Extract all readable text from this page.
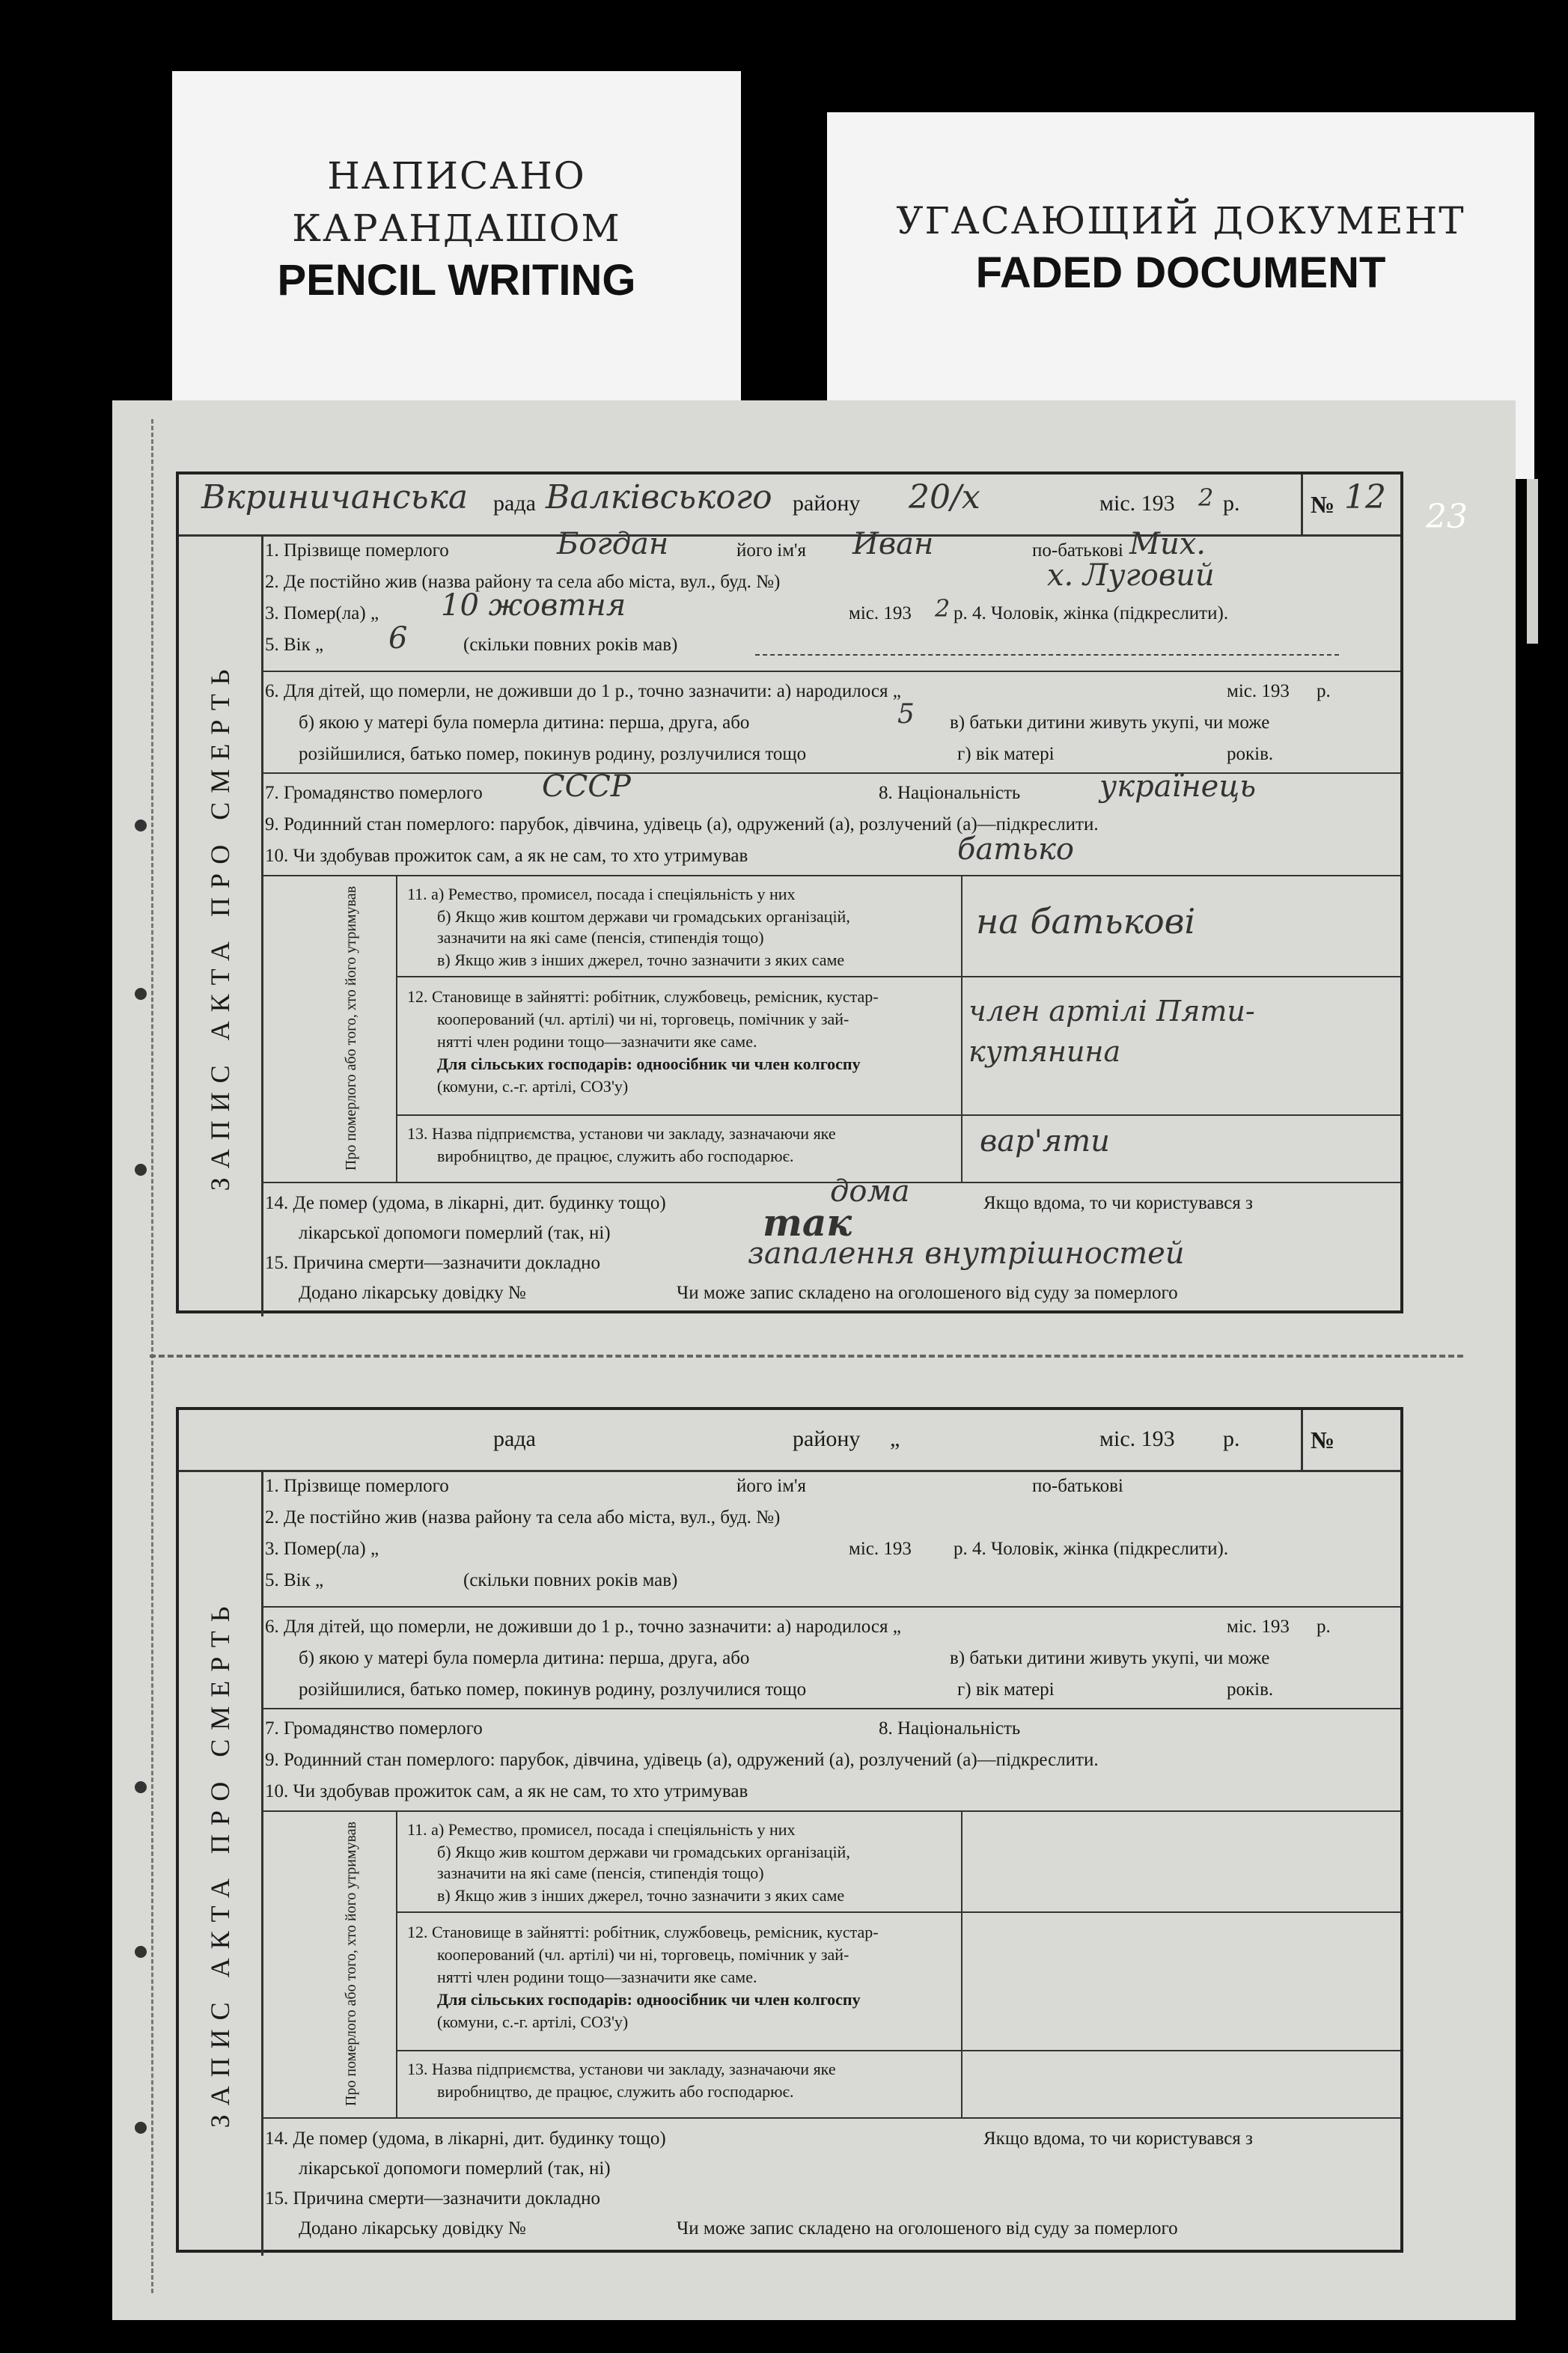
НАПИСАНО
КАРАНДАШОМ
PENCIL WRITING
УГАСАЮЩИЙ ДОКУМЕНТ
FADED DOCUMENT
23
Вкриничанська рада Валківського району 20/х	міс. 193 2 р.	№ 12
ЗАПИС АКТА ПРО СМЕРТЬ
1. Прізвище померлого	Богдан	його ім'я Иван	по-батькові Мих.
2. Де постійно жив (назва району та села або міста, вул., буд. №)	х. Луговий
3. Помер(ла) „ 10 жовтня	міс. 193 2 р. 4. Чоловік, жінка (підкреслити).
5. Вік „ 6	(скільки повних років мав)
6. Для дітей, що померли, не доживши до 1 р., точно зазначити: а) народилося „	міс. 193 р.
б) якою у матері була померла дитина: перша, друга, або	5 в) батьки дитини живуть укупі, чи може
розійшилися, батько помер, покинув родину, розлучилися тощо	г) вік матері	років.
7. Громадянство померлого СССР	8. Національність	українець
9. Родинний стан померлого: парубок, дівчина, удівець (а), одружений (а), розлучений (а)—підкреслити.
10. Чи здобував прожиток сам, а як не сам, то хто утримував	батько
Про померлого або того, хто його утримував	11. а) Ремество, промисел, посада і спеціяльність у них
б) Якщо жив коштом держави чи громадських організацій,
зазначити на які саме (пенсія, стипендія тощо)
в) Якщо жив з інших джерел, точно зазначити з яких саме
на батькові
12. Становище в зайнятті: робітник, службовець, ремісник, кустар-
кооперований (чл. артілі) чи ні, торговець, помічник у зай-
нятті член родини тощо—зазначити яке саме.
Для сільських господарів: одноосібник чи член колгоспу
(комуни, с.-г. артілі, СОЗ'у)
член артілі Пяти-
кутянина
13. Назва підприємства, установи чи закладу, зазначаючи яке
виробництво, де працює, служить або господарює.	вар'яти
14. Де помер (удома, в лікарні, дит. будинку тощо)	дома	Якщо вдома, то чи користувався з
лікарської допомоги померлий (так, ні)	так
15. Причина смерти—зазначити докладно	запалення внутрішностей
Додано лікарську довідку №	Чи може запис складено на оголошеного від суду за померлого
рада	району „	міс. 193 р.	№
ЗАПИС АКТА ПРО СМЕРТЬ
1. Прізвище померлого	його ім'я	по-батькові
2. Де постійно жив (назва району та села або міста, вул., буд. №)
3. Помер(ла) „	міс. 193 р. 4. Чоловік, жінка (підкреслити).
5. Вік „	(скільки повних років мав)
6. Для дітей, що померли, не доживши до 1 р., точно зазначити: а) народилося „	міс. 193 р.
б) якою у матері була померла дитина: перша, друга, або	в) батьки дитини живуть укупі, чи може
розійшилися, батько помер, покинув родину, розлучилися тощо	г) вік матері	років.
7. Громадянство померлого	8. Національність
9. Родинний стан померлого: парубок, дівчина, удівець (а), одружений (а), розлучений (а)—підкреслити.
10. Чи здобував прожиток сам, а як не сам, то хто утримував
Про померлого або того, хто його утримував	11. а) Ремество, промисел, посада і спеціяльність у них
б) Якщо жив коштом держави чи громадських організацій,
зазначити на які саме (пенсія, стипендія тощо)
в) Якщо жив з інших джерел, точно зазначити з яких саме
12. Становище в зайнятті: робітник, службовець, ремісник, кустар-
кооперований (чл. артілі) чи ні, торговець, помічник у зай-
нятті член родини тощо—зазначити яке саме.
Для сільських господарів: одноосібник чи член колгоспу
(комуни, с.-г. артілі, СОЗ'у)
13. Назва підприємства, установи чи закладу, зазначаючи яке
виробництво, де працює, служить або господарює.
14. Де помер (удома, в лікарні, дит. будинку тощо)	Якщо вдома, то чи користувався з
лікарської допомоги померлий (так, ні)
15. Причина смерти—зазначити докладно
Додано лікарську довідку №	Чи може запис складено на оголошеного від суду за померлого
